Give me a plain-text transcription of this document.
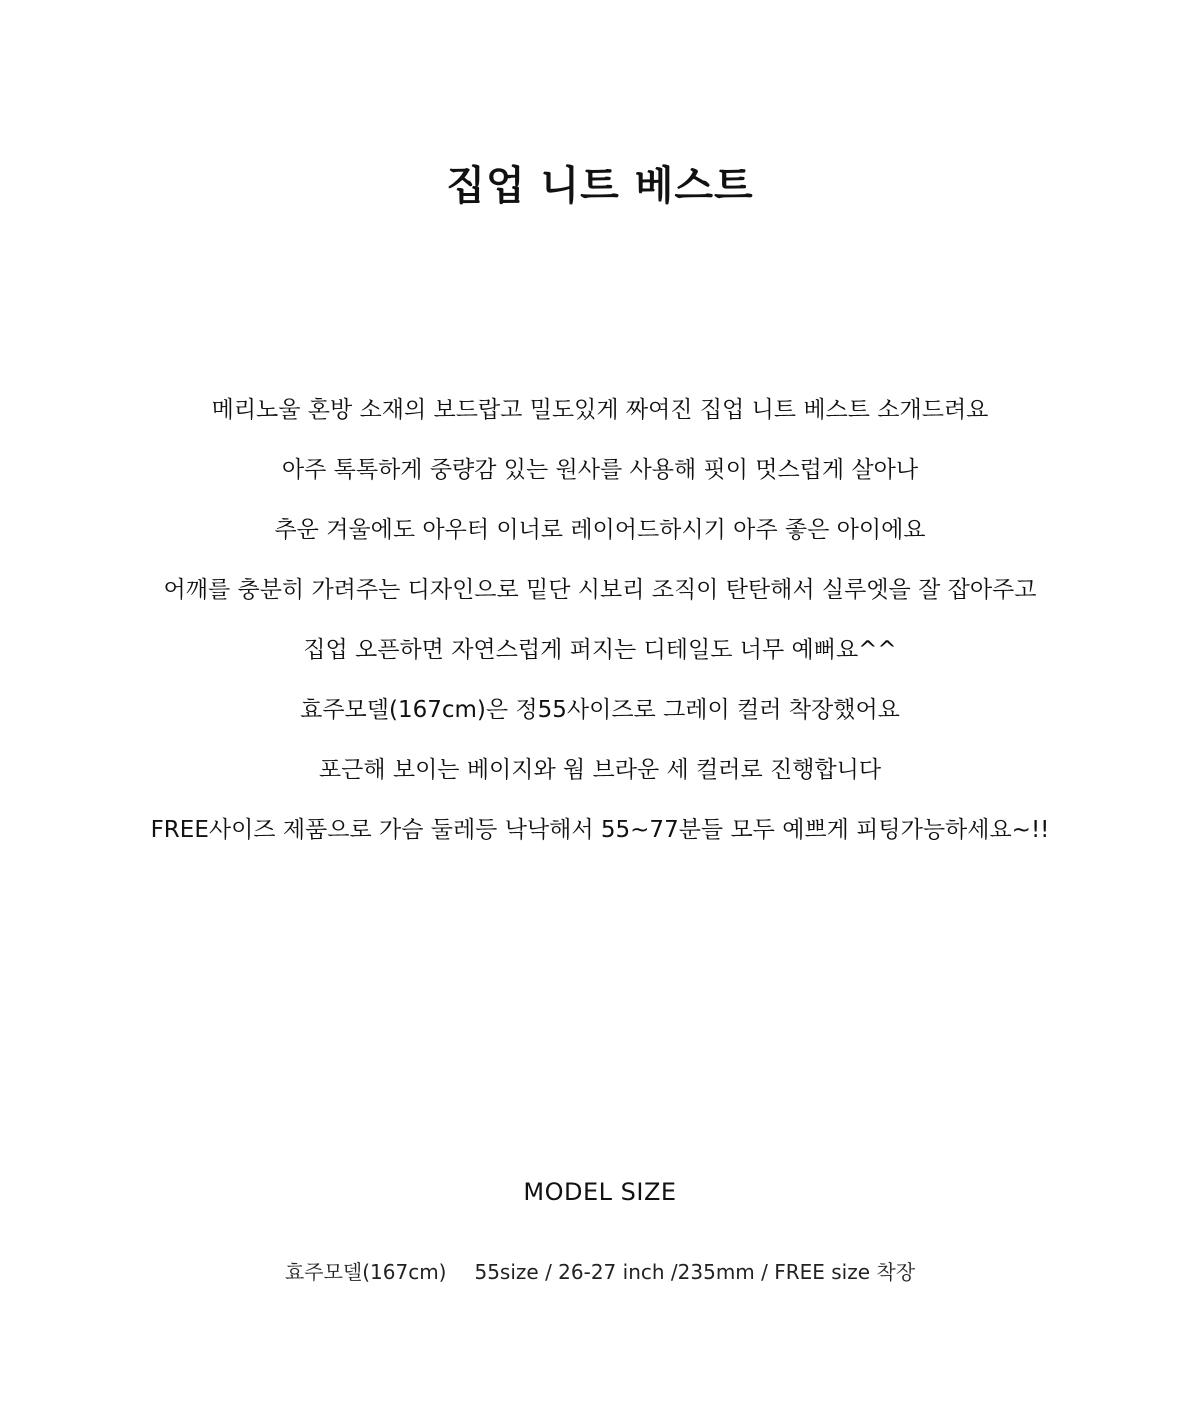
집업 니트 베스트
메리노울 혼방 소재의 보드랍고 밀도있게 짜여진 집업 니트 베스트 소개드려요
아주 톡톡하게 중량감 있는 원사를 사용해 핏이 멋스럽게 살아나
추운 겨울에도 아우터 이너로 레이어드하시기 아주 좋은 아이에요
어깨를 충분히 가려주는 디자인으로 밑단 시보리 조직이 탄탄해서 실루엣을 잘 잡아주고
집업 오픈하면 자연스럽게 퍼지는 디테일도 너무 예뻐요^^
효주모델(167cm)은 정55사이즈로 그레이 컬러 착장했어요
포근해 보이는 베이지와 웜 브라운 세 컬러로 진행합니다
FREE사이즈 제품으로 가슴 둘레등 낙낙해서 55~77분들 모두 예쁘게 피팅가능하세요~!!
MODEL SIZE
효주모델(167cm) 55size / 26-27 inch /235mm / FREE size 착장
